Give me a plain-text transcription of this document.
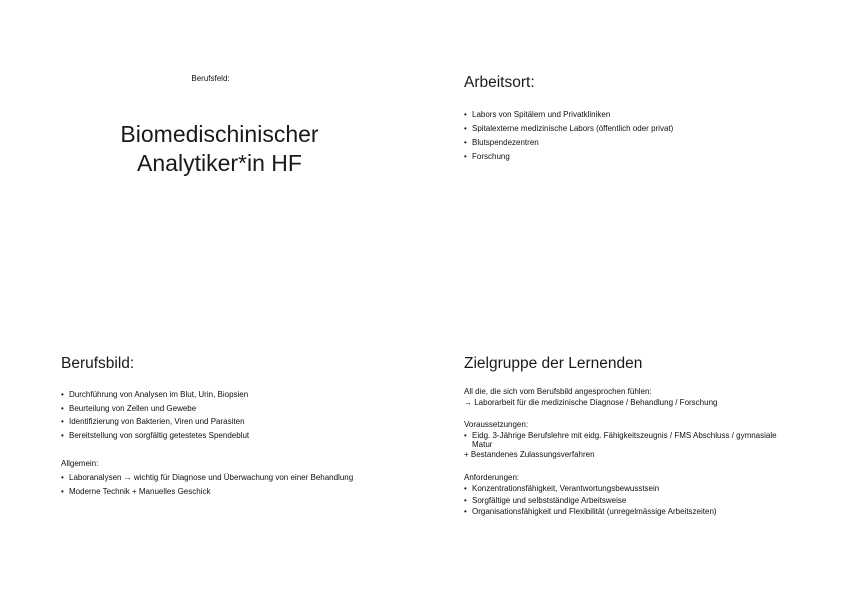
Berufsfeld:
Biomedischinischer
Analytiker*in HF
Arbeitsort:
• Labors von Spitälern und Privatkliniken
• Spitalexterne medizinische Labors (öffentlich oder privat)
• Blutspendezentren
• Forschung
Berufsbild:
• Durchführung von Analysen im Blut, Urin, Biopsien
• Beurteilung von Zellen und Gewebe
• Identifizierung von Bakterien, Viren und Parasiten
• Bereitstellung von sorgfältig getestetes Spendeblut
Allgemein:
• Laboranalysen → wichtig für Diagnose und Überwachung von einer Behandlung
• Moderne Technik + Manuelles Geschick
Zielgruppe der Lernenden
All die, die sich vom Berufsbild angesprochen fühlen:
→ Laborarbeit für die medizinische Diagnose / Behandlung / Forschung
Voraussetzungen:
• Eidg. 3-Jährige Berufslehre mit eidg. Fähigkeitszeugnis / FMS Abschluss / gymnasiale
Matur
+ Bestandenes Zulassungsverfahren
Anforderungen:
• Konzentrationsfähigkeit, Verantwortungsbewusstsein
• Sorgfältige und selbstständige Arbeitsweise
• Organisationsfähigkeit und Flexibilität (unregelmässige Arbeitszeiten)
